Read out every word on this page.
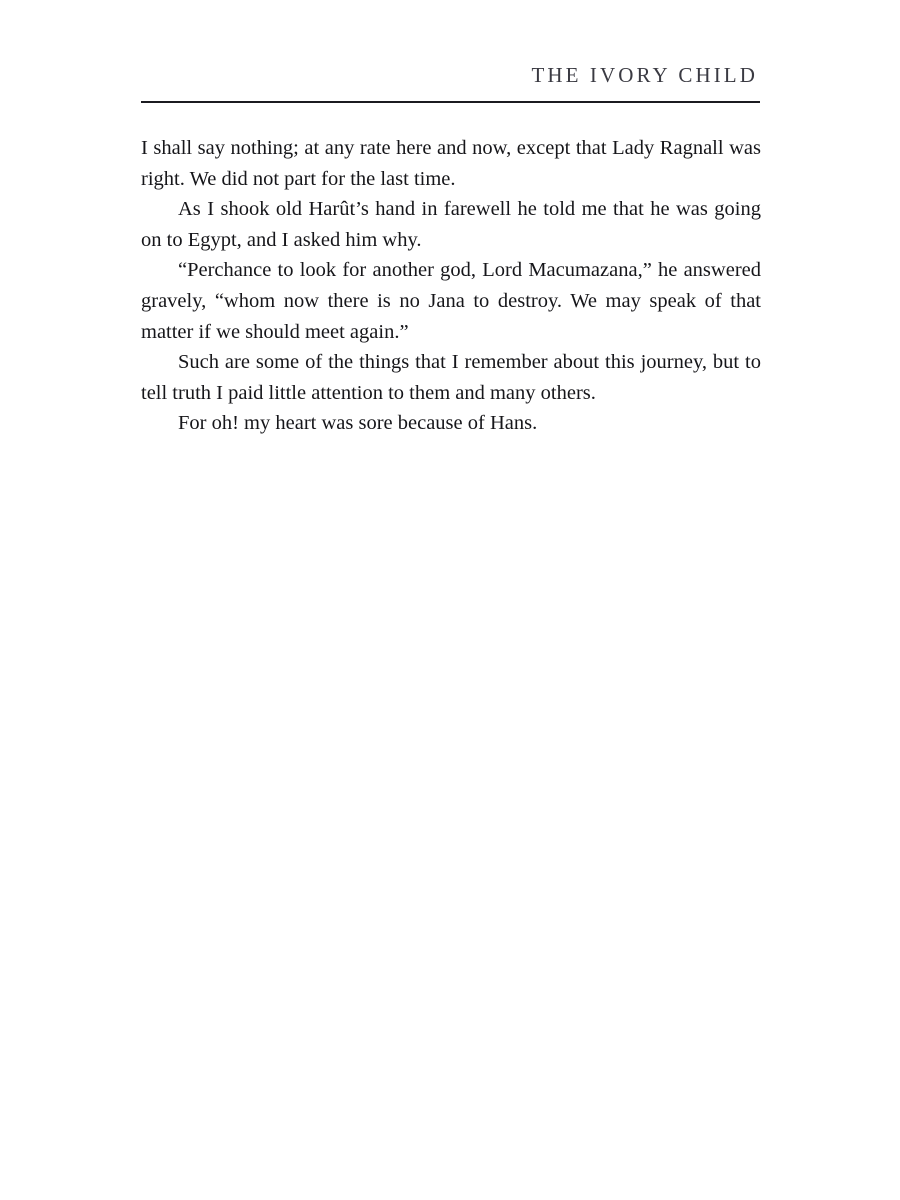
THE IVORY CHILD

I shall say nothing; at any rate here and now, except that Lady Ragnall was right. We did not part for the last time.

As I shook old Harût’s hand in farewell he told me that he was going on to Egypt, and I asked him why.

“Perchance to look for another god, Lord Macumazana,” he answered gravely, “whom now there is no Jana to destroy. We may speak of that matter if we should meet again.”

Such are some of the things that I remember about this journey, but to tell truth I paid little attention to them and many others.

For oh! my heart was sore because of Hans.
